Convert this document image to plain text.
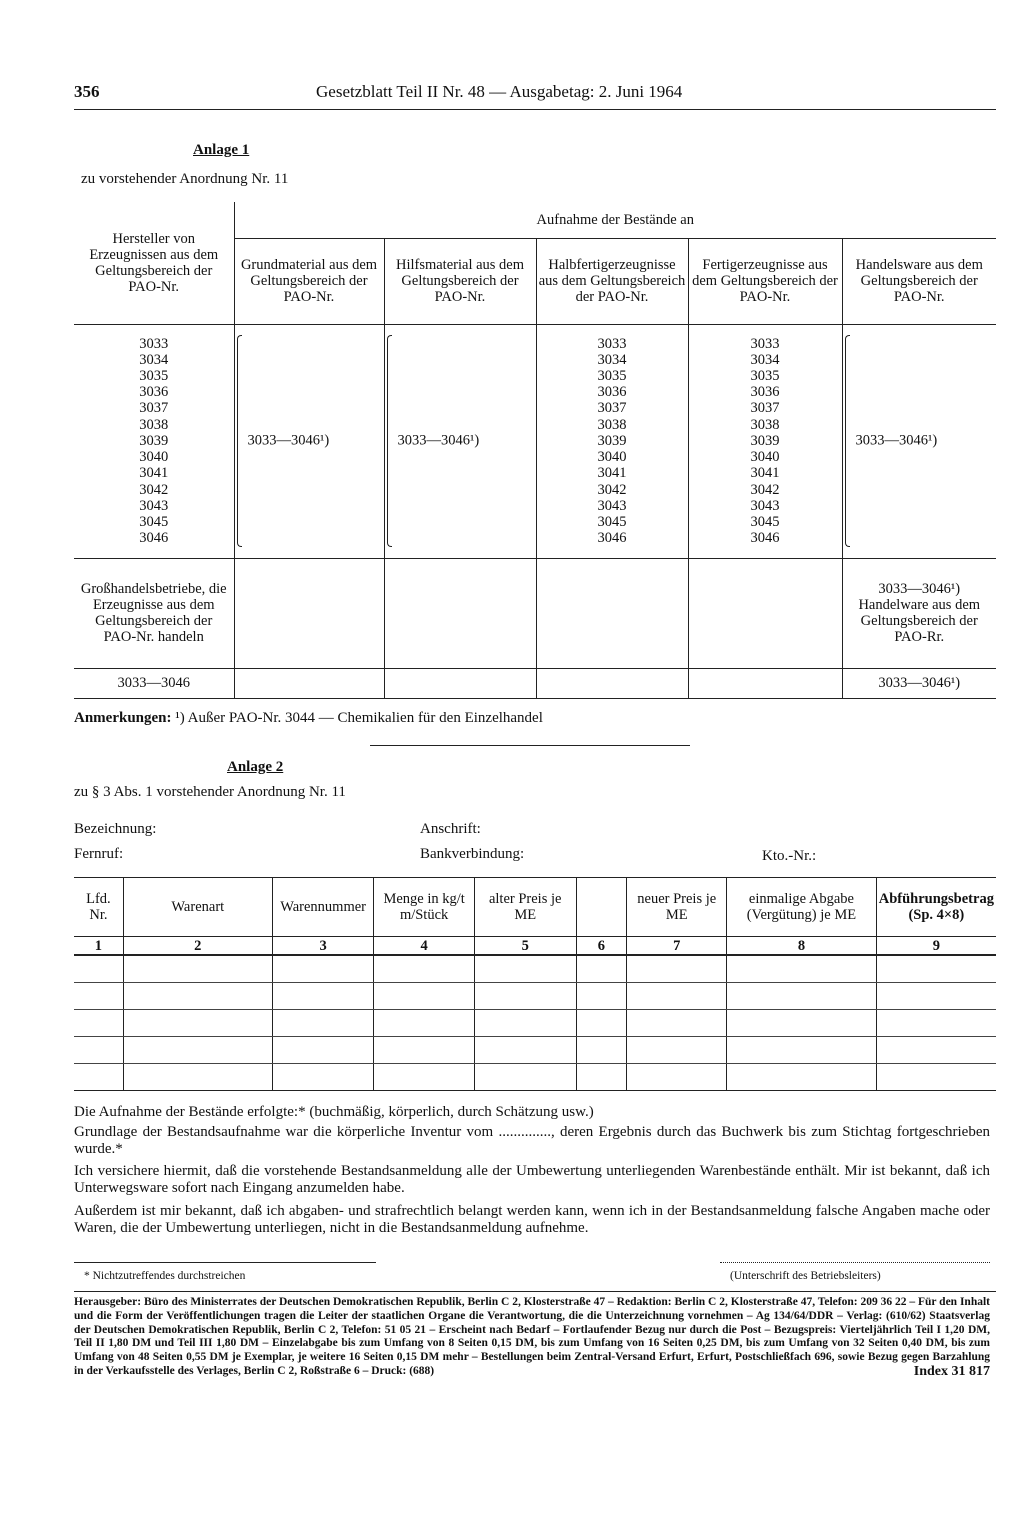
356	Gesetzblatt Teil II Nr. 48 — Ausgabetag: 2. Juni 1964
Anlage 1
zu vorstehender Anordnung Nr. 11
Hersteller von Erzeugnissen aus dem Geltungsbereich der PAO-Nr.	Aufnahme der Bestände an				
	Grundmaterial aus dem Geltungsbereich der PAO-Nr.	Hilfsmaterial aus dem Geltungsbereich der PAO-Nr.	Halbfertigerzeugnisse aus dem Geltungsbereich der PAO-Nr.	Fertigerzeugnisse aus dem Geltungsbereich der PAO-Nr.	Handelsware aus dem Geltungsbereich der PAO-Nr.

3033 3034 3035 3036 3037 3038 3039 3040 3041 3042 3043 3045 3046	3033—3046¹)	3033—3046¹)	3033 3034 3035 3036 3037 3038 3039 3040 3041 3042 3043 3045 3046	3033 3034 3035 3036 3037 3038 3039 3040 3041 3042 3043 3045 3046	3033—3046¹)
Großhandelsbetriebe, die Erzeugnisse aus dem Geltungsbereich der PAO-Nr. handeln					3033—3046¹) Handelware aus dem Geltungsbereich der PAO-Rr.
3033—3046					3033—3046¹)
Anmerkungen: ¹) Außer PAO-Nr. 3044 — Chemikalien für den Einzelhandel
Anlage 2
zu § 3 Abs. 1 vorstehender Anordnung Nr. 11
Bezeichnung:	Anschrift:
Fernruf:	Bankverbindung:	Kto.-Nr.:
Lfd. Nr.	Warenart	Warennummer	Menge in kg/t m/Stück	alter Preis je ME		neuer Preis je ME	einmalige Abgabe (Vergütung) je ME	Abführungsbetrag (Sp. 4×8)
1	2	3	4	5	6	7	8	9

Die Aufnahme der Bestände erfolgte:* (buchmäßig, körperlich, durch Schätzung usw.)
Grundlage der Bestandsaufnahme war die körperliche Inventur vom .............., deren Ergebnis durch das Buchwerk bis zum Stichtag fortgeschrieben wurde.*
Ich versichere hiermit, daß die vorstehende Bestandsanmeldung alle der Umbewertung unterliegenden Warenbestände enthält. Mir ist bekannt, daß ich Unterwegsware sofort nach Eingang anzumelden habe.
Außerdem ist mir bekannt, daß ich abgaben- und strafrechtlich belangt werden kann, wenn ich in der Bestandsanmeldung falsche Angaben mache oder Waren, die der Umbewertung unterliegen, nicht in die Bestandsanmeldung aufnehme.
* Nichtzutreffendes durchstreichen	(Unterschrift des Betriebsleiters)
Herausgeber: Büro des Ministerrates der Deutschen Demokratischen Republik, Berlin C 2, Klosterstraße 47 – Redaktion: Berlin C 2, Klosterstraße 47, Telefon: 209 36 22 – Für den Inhalt und die Form der Veröffentlichungen tragen die Leiter der staatlichen Organe die Verantwortung, die die Unterzeichnung vornehmen – Ag 134/64/DDR – Verlag: (610/62) Staatsverlag der Deutschen Demokratischen Republik, Berlin C 2, Telefon: 51 05 21 – Erscheint nach Bedarf – Fortlaufender Bezug nur durch die Post – Bezugspreis: Vierteljährlich Teil I 1,20 DM, Teil II 1,80 DM und Teil III 1,80 DM – Einzelabgabe bis zum Umfang von 8 Seiten 0,15 DM, bis zum Umfang von 16 Seiten 0,25 DM, bis zum Umfang von 32 Seiten 0,40 DM, bis zum Umfang von 48 Seiten 0,55 DM je Exemplar, je weitere 16 Seiten 0,15 DM mehr – Bestellungen beim Zentral-Versand Erfurt, Erfurt, Postschließfach 696, sowie Bezug gegen Barzahlung in der Verkaufsstelle des Verlages, Berlin C 2, Roßstraße 6 – Druck: (688)	Index 31 817
